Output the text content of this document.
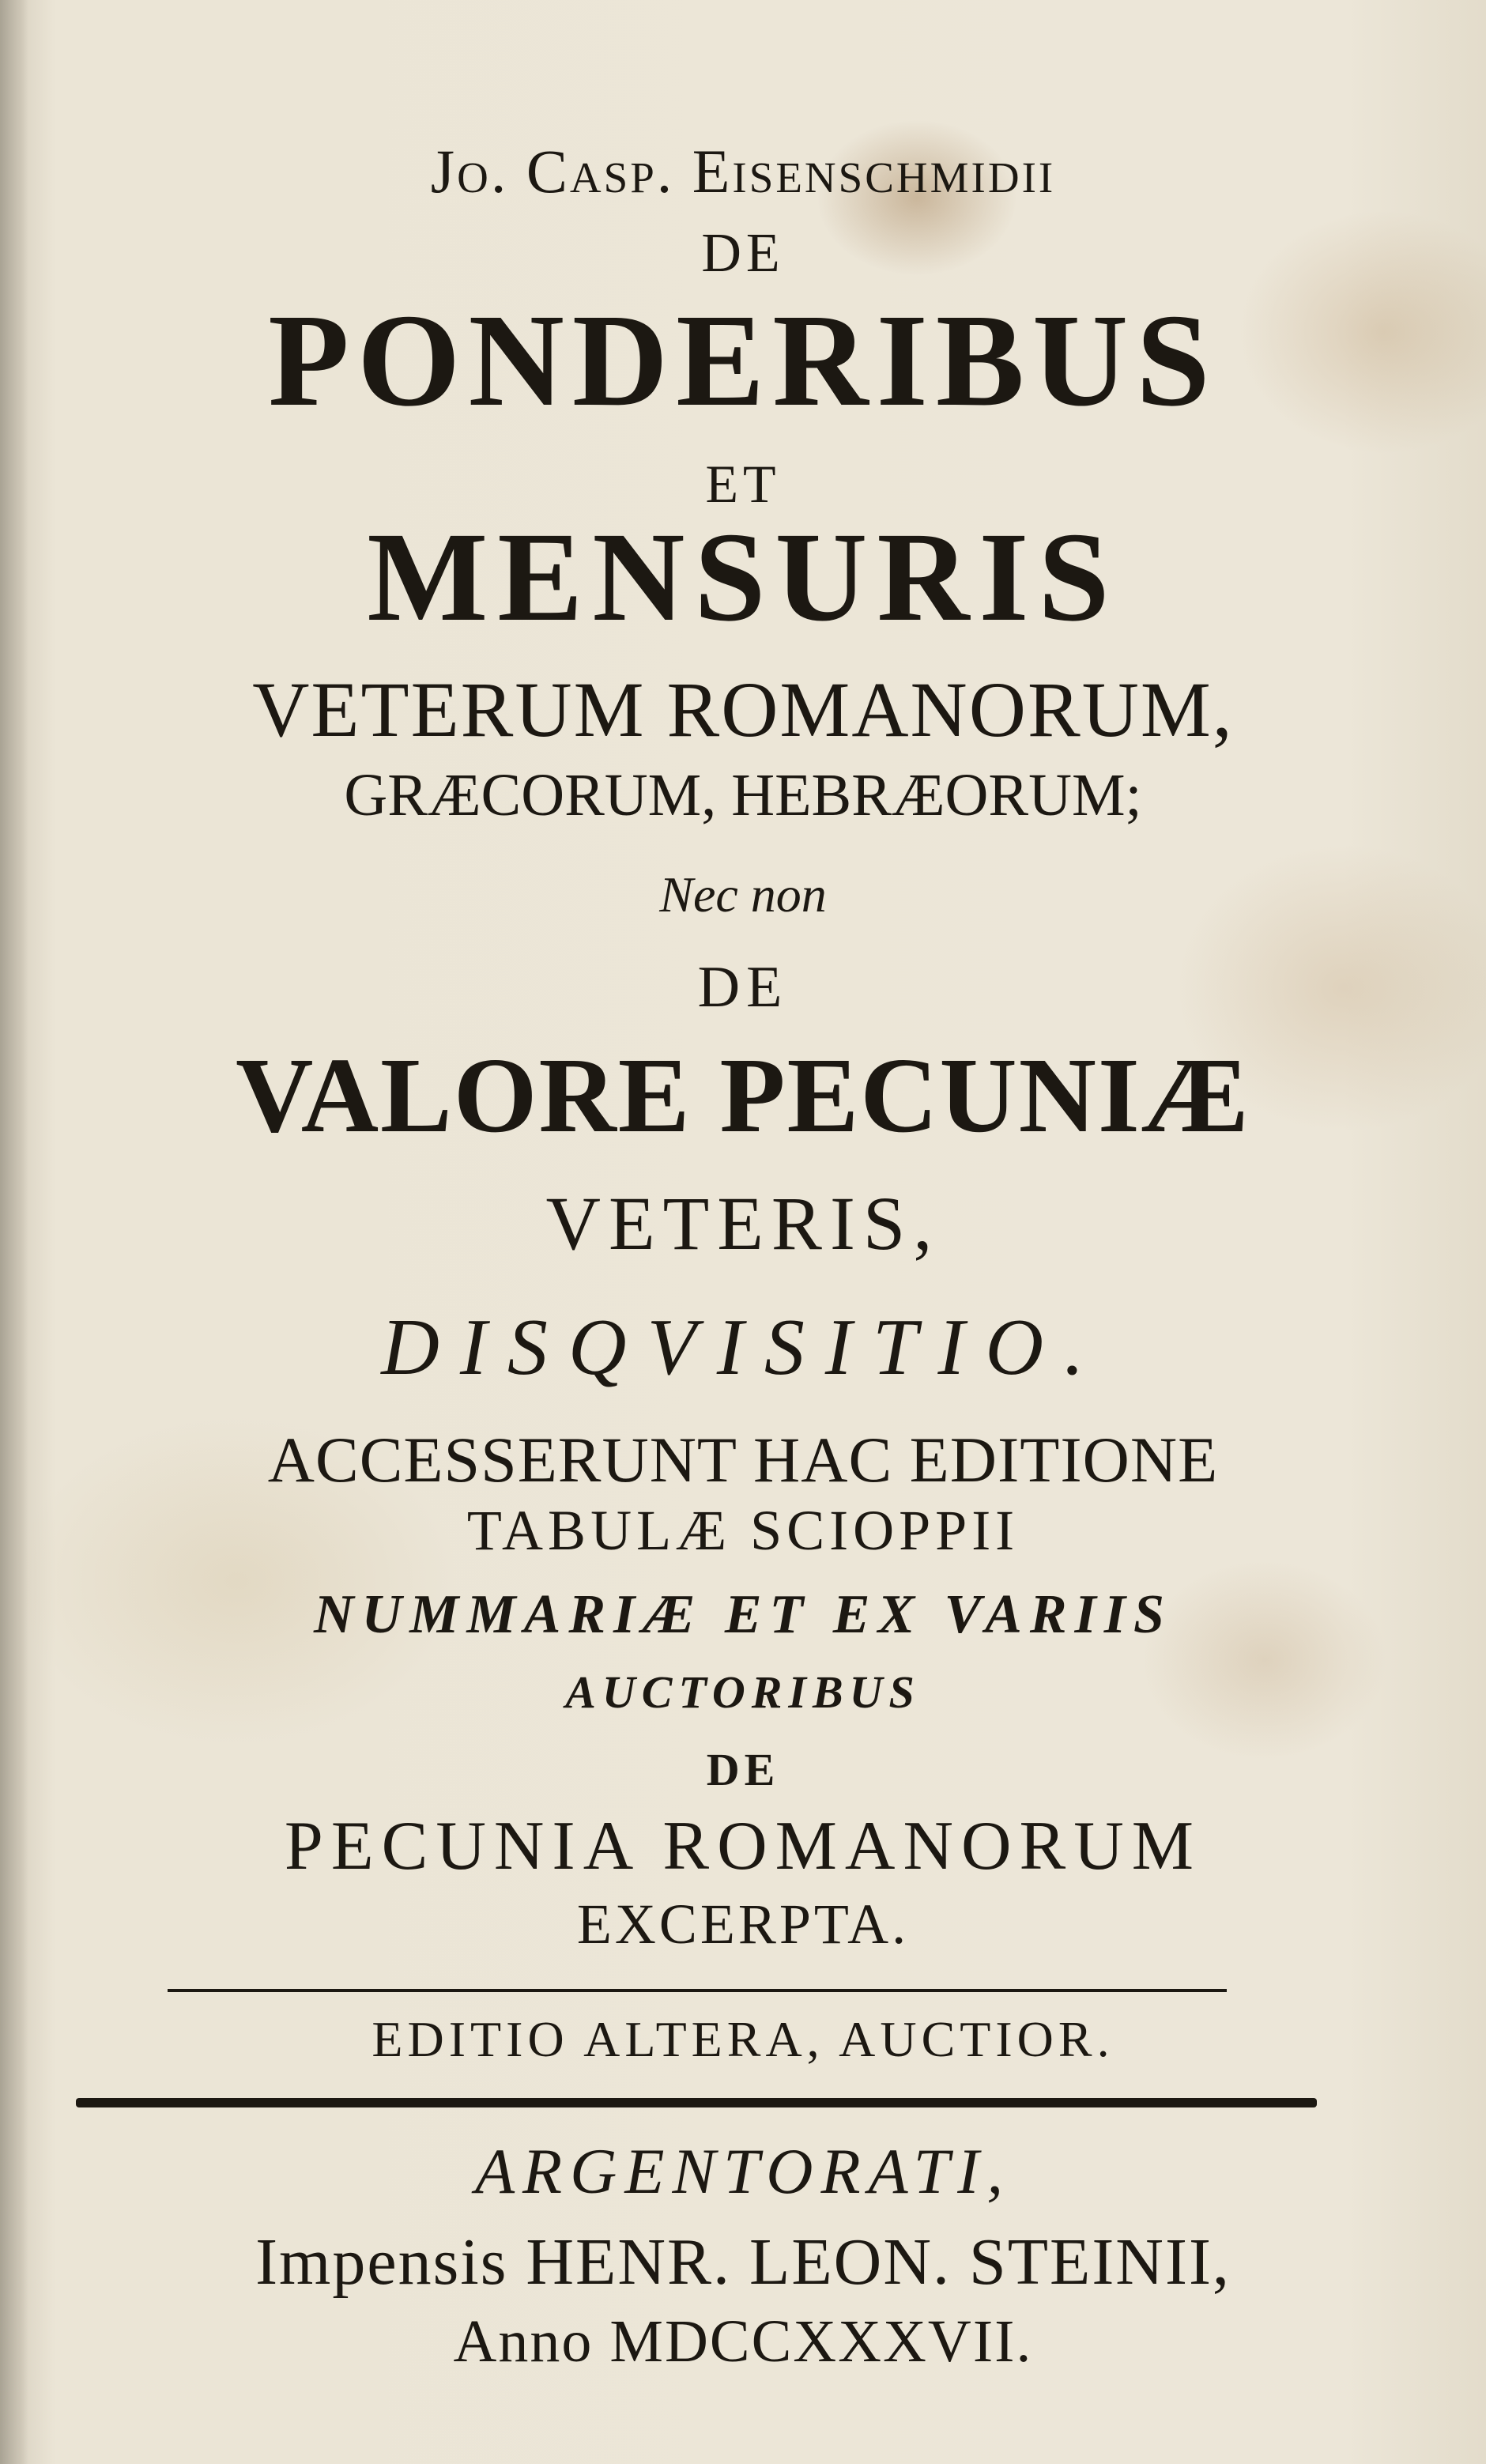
Jo. Casp. Eisenschmidii
DE
PONDERIBUS
ET
MENSURIS
VETERUM ROMANORUM,
GRÆCORUM, HEBRÆORUM;
Nec non
DE
VALORE PECUNIÆ
VETERIS,
DISQVISITIO.
ACCESSERUNT HAC EDITIONE
TABULÆ SCIOPPII
NUMMARIÆ ET EX VARIIS
AUCTORIBUS
DE
PECUNIA ROMANORUM
EXCERPTA.
EDITIO ALTERA, AUCTIOR.
ARGENTORATI,
Impensis HENR. LEON. STEINII,
Anno MDCCXXXVII.
